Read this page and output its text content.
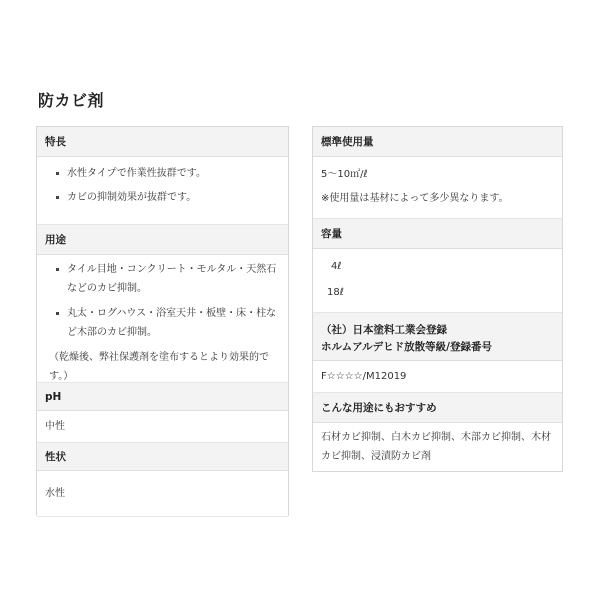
防カビ剤
特長
水性タイプで作業性抜群です。
カビの抑制効果が抜群です。
用途
タイル目地・コンクリート・モルタル・天然石
などのカビ抑制。
丸太・ログハウス・浴室天井・板壁・床・柱な
ど木部のカビ抑制。
（乾燥後、弊社保護剤を塗布するとより効果的で
す。）
pH
中性
性状
水性
標準使用量
5〜10㎡/ℓ
※使用量は基材によって多少異なります。
容量
4ℓ
18ℓ
（社）日本塗料工業会登録
ホルムアルデヒド放散等級/登録番号
F☆☆☆☆/M12019
こんな用途にもおすすめ
石材カビ抑制、白木カビ抑制、木部カビ抑制、木材
カビ抑制、浸漬防カビ剤
